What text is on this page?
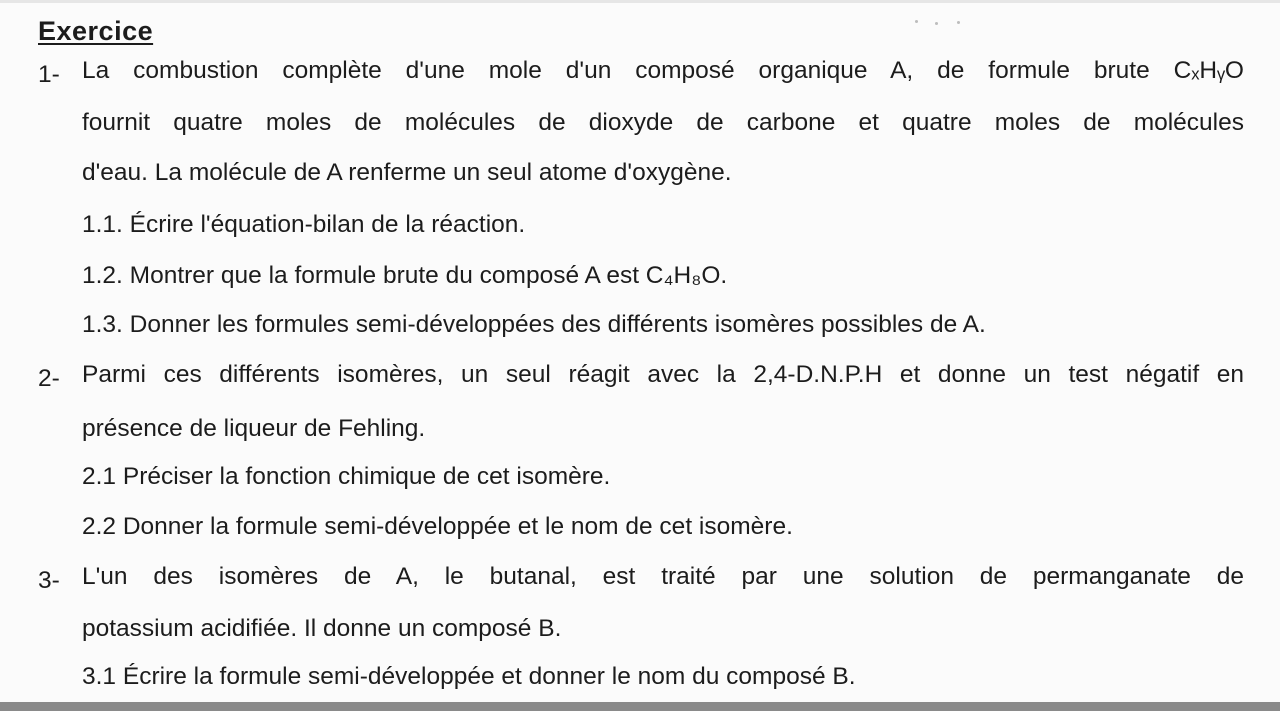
Exercice
1- La combustion complète d'une mole d'un composé organique A, de formule brute CₓHᵧO
fournit quatre moles de molécules de dioxyde de carbone et quatre moles de molécules
d'eau. La molécule de A renferme un seul atome d'oxygène.
1.1. Écrire l'équation-bilan de la réaction.
1.2. Montrer que la formule brute du composé A est C₄H₈O.
1.3. Donner les formules semi-développées des différents isomères possibles de A.
2- Parmi ces différents isomères, un seul réagit avec la 2,4-D.N.P.H et donne un test négatif en
présence de liqueur de Fehling.
2.1 Préciser la fonction chimique de cet isomère.
2.2 Donner la formule semi-développée et le nom de cet isomère.
3- L'un des isomères de A, le butanal, est traité par une solution de permanganate de
potassium acidifiée. Il donne un composé B.
3.1 Écrire la formule semi-développée et donner le nom du composé B.
